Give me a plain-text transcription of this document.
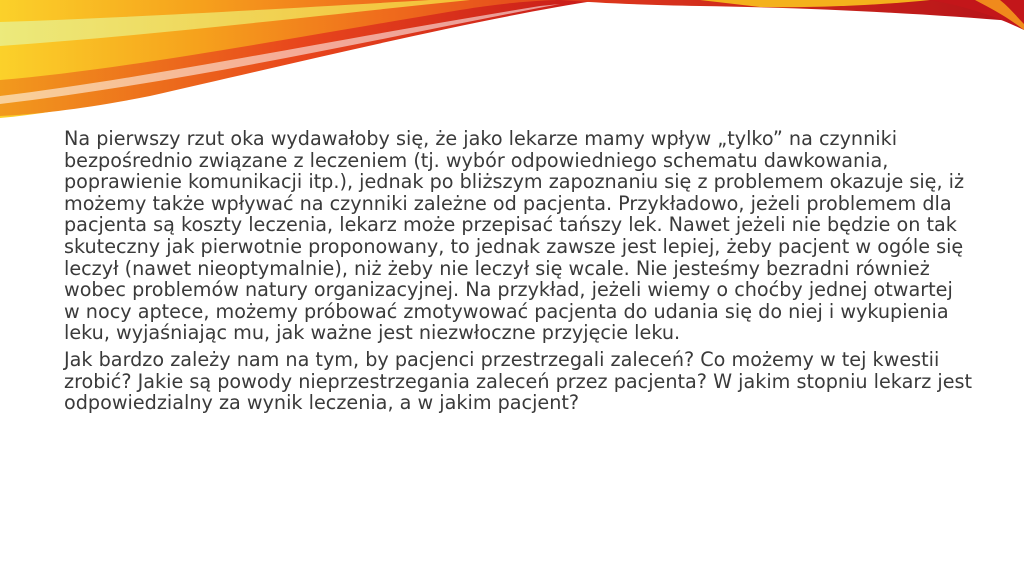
Na pierwszy rzut oka wydawałoby się, że jako lekarze mamy wpływ „tylko” na czynniki bezpośrednio związane z leczeniem (tj. wybór odpowiedniego schematu dawkowania, poprawienie komunikacji itp.), jednak po bliższym zapoznaniu się z problemem okazuje się, iż możemy także wpływać na czynniki zależne od pacjenta. Przykładowo, jeżeli problemem dla pacjenta są koszty leczenia, lekarz może przepisać tańszy lek. Nawet jeżeli nie będzie on tak skuteczny jak pierwotnie proponowany, to jednak zawsze jest lepiej, żeby pacjent w ogóle się leczył (nawet nieoptymalnie), niż żeby nie leczył się wcale. Nie jesteśmy bezradni również wobec problemów natury organizacyjnej. Na przykład, jeżeli wiemy o choćby jednej otwartej w nocy aptece, możemy próbować zmotywować pacjenta do udania się do niej i wykupienia leku, wyjaśniając mu, jak ważne jest niezwłoczne przyjęcie leku.

Jak bardzo zależy nam na tym, by pacjenci przestrzegali zaleceń? Co możemy w tej kwestii zrobić? Jakie są powody nieprzestrzegania zaleceń przez pacjenta? W jakim stopniu lekarz jest odpowiedzialny za wynik leczenia, a w jakim pacjent?
